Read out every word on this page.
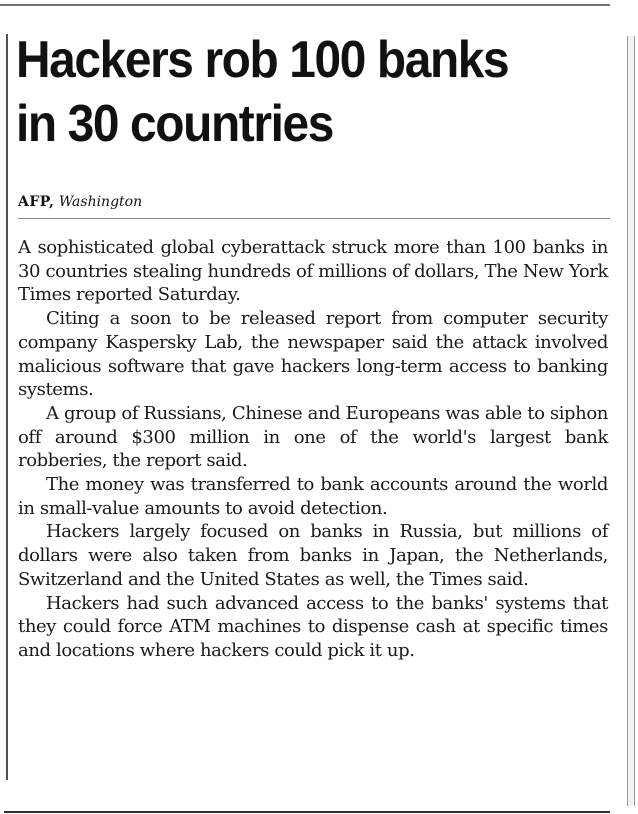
Hackers rob 100 banks
in 30 countries
AFP, Washington

A sophisticated global cyberattack struck more than 100 banks in 30 countries stealing hundreds of millions of dollars, The New York Times reported Saturday.

Citing a soon to be released report from computer security company Kaspersky Lab, the newspaper said the attack involved malicious software that gave hackers long-term access to banking systems.

A group of Russians, Chinese and Europeans was able to siphon off around $300 million in one of the world's largest bank robberies, the report said.

The money was transferred to bank accounts around the world in small-value amounts to avoid detection.

Hackers largely focused on banks in Russia, but millions of dollars were also taken from banks in Japan, the Netherlands, Switzerland and the United States as well, the Times said.

Hackers had such advanced access to the banks' systems that they could force ATM machines to dispense cash at specific times and locations where hackers could pick it up.
